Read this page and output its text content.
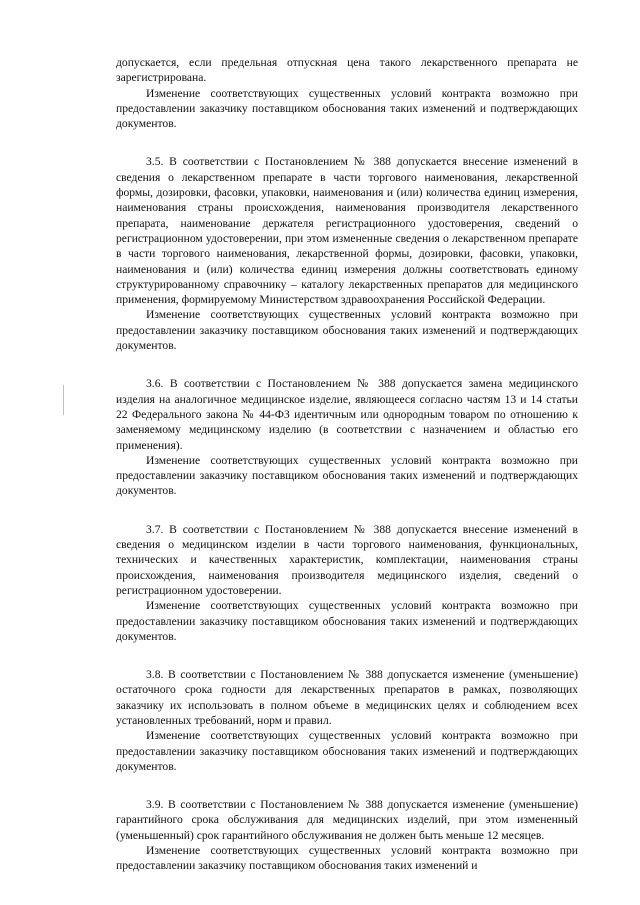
допускается, если предельная отпускная цена такого лекарственного препарата не зарегистрирована.

Изменение соответствующих существенных условий контракта возможно при предоставлении заказчику поставщиком обоснования таких изменений и подтверждающих документов.

3.5. В соответствии с Постановлением № 388 допускается внесение изменений в сведения о лекарственном препарате в части торгового наименования, лекарственной формы, дозировки, фасовки, упаковки, наименования и (или) количества единиц измерения, наименования страны происхождения, наименования производителя лекарственного препарата, наименование держателя регистрационного удостоверения, сведений о регистрационном удостоверении, при этом измененные сведения о лекарственном препарате в части торгового наименования, лекарственной формы, дозировки, фасовки, упаковки, наименования и (или) количества единиц измерения должны соответствовать единому структурированному справочнику – каталогу лекарственных препаратов для медицинского применения, формируемому Министерством здравоохранения Российской Федерации.

Изменение соответствующих существенных условий контракта возможно при предоставлении заказчику поставщиком обоснования таких изменений и подтверждающих документов.

3.6. В соответствии с Постановлением № 388 допускается замена медицинского изделия на аналогичное медицинское изделие, являющееся согласно частям 13 и 14 статьи 22 Федерального закона № 44-ФЗ идентичным или однородным товаром по отношению к заменяемому медицинскому изделию (в соответствии с назначением и областью его применения).

Изменение соответствующих существенных условий контракта возможно при предоставлении заказчику поставщиком обоснования таких изменений и подтверждающих документов.

3.7. В соответствии с Постановлением № 388 допускается внесение изменений в сведения о медицинском изделии в части торгового наименования, функциональных, технических и качественных характеристик, комплектации, наименования страны происхождения, наименования производителя медицинского изделия, сведений о регистрационном удостоверении.

Изменение соответствующих существенных условий контракта возможно при предоставлении заказчику поставщиком обоснования таких изменений и подтверждающих документов.

3.8. В соответствии с Постановлением № 388 допускается изменение (уменьшение) остаточного срока годности для лекарственных препаратов в рамках, позволяющих заказчику их использовать в полном объеме в медицинских целях и соблюдением всех установленных требований, норм и правил.

Изменение соответствующих существенных условий контракта возможно при предоставлении заказчику поставщиком обоснования таких изменений и подтверждающих документов.

3.9. В соответствии с Постановлением № 388 допускается изменение (уменьшение) гарантийного срока обслуживания для медицинских изделий, при этом измененный (уменьшенный) срок гарантийного обслуживания не должен быть меньше 12 месяцев.

Изменение соответствующих существенных условий контракта возможно при предоставлении заказчику поставщиком обоснования таких изменений и
